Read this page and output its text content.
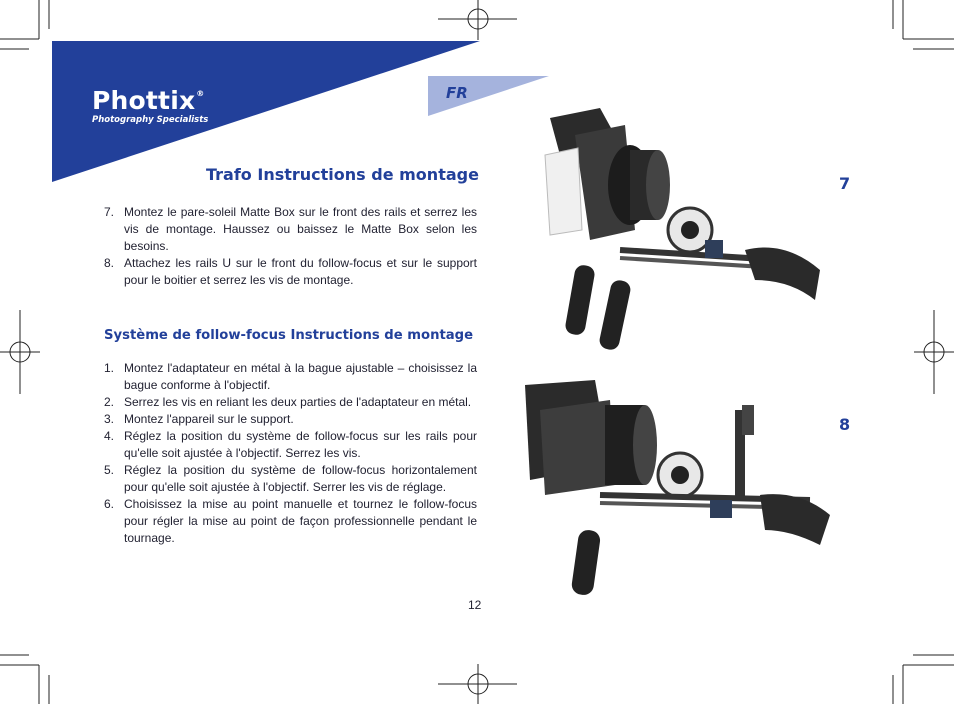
Phottix®
Photography Specialists
FR
Trafo Instructions de montage
7. Montez le pare-soleil Matte Box sur le front des rails et serrez les vis de montage. Haussez ou baissez le Matte Box selon les besoins.
8. Attachez les rails U sur le front du follow-focus et sur le support pour le boitier et serrez les vis de montage.
Système de follow-focus Instructions de montage
1. Montez l'adaptateur en métal à la bague ajustable – choisissez la bague conforme à l'objectif.
2. Serrez les vis en reliant les deux parties de l'adaptateur en métal.
3. Montez l'appareil sur le support.
4. Réglez la position du système de follow-focus sur les rails pour qu'elle soit ajustée à l'objectif. Serrez les vis.
5. Réglez la position du système de follow-focus horizontalement pour qu'elle soit ajustée à l'objectif. Serrer les vis de réglage.
6. Choisissez la mise au point manuelle et tournez le follow-focus pour régler la mise au point de façon professionnelle pendant le tournage.
12
7
8
